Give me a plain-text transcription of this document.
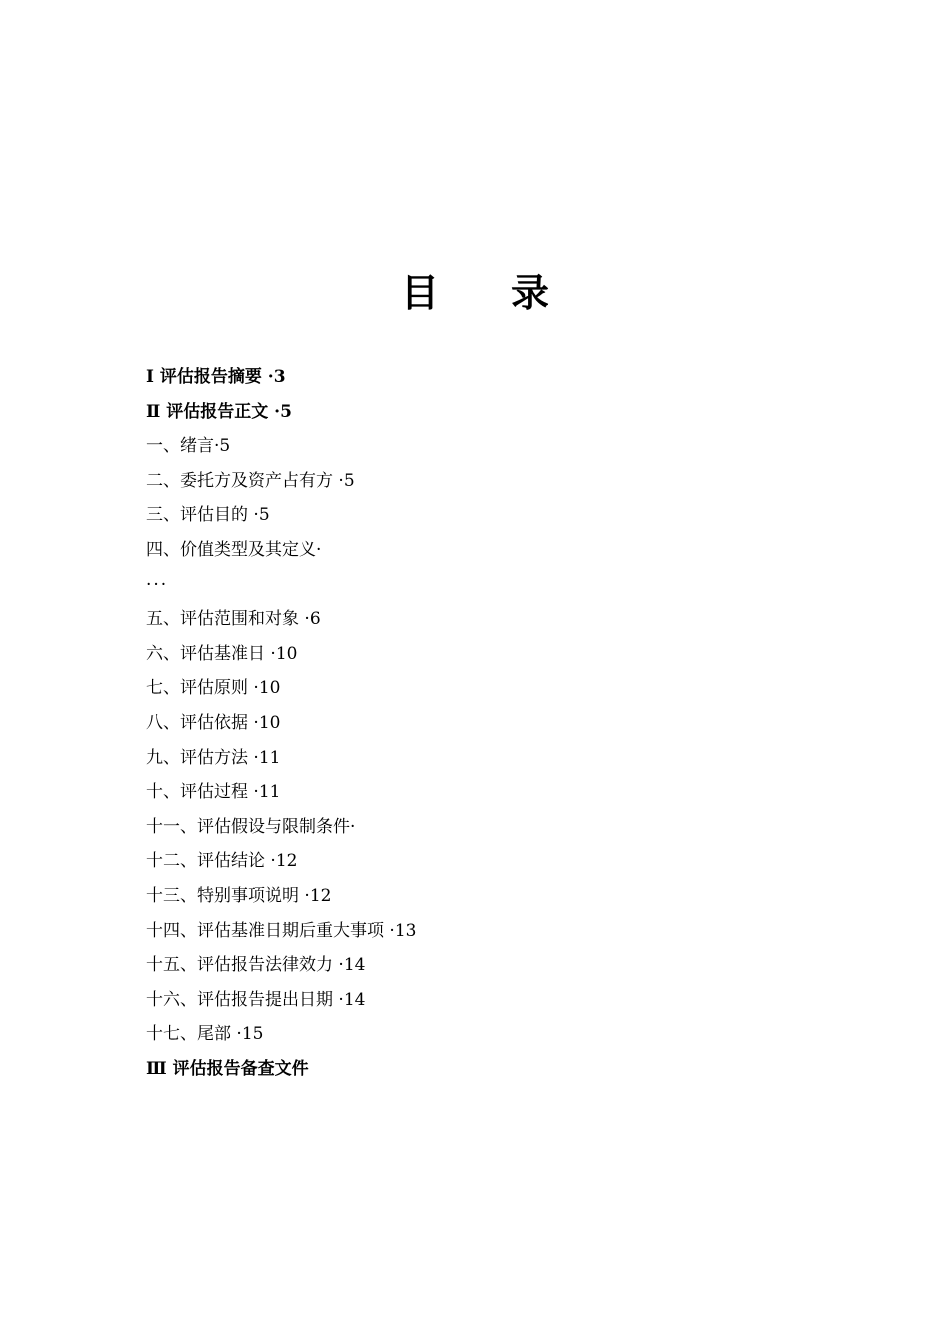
目 录
Ⅰ 评估报告摘要 ·3
Ⅱ 评估报告正文 ·5
一、绪言·5
二、委托方及资产占有方 ·5
三、评估目的 ·5
四、价值类型及其定义·
···
五、评估范围和对象 ·6
六、评估基准日 ·10
七、评估原则 ·10
八、评估依据 ·10
九、评估方法 ·11
十、评估过程 ·11
十一、评估假设与限制条件·
十二、评估结论 ·12
十三、特别事项说明 ·12
十四、评估基准日期后重大事项 ·13
十五、评估报告法律效力 ·14
十六、评估报告提出日期 ·14
十七、尾部 ·15
Ⅲ 评估报告备查文件
